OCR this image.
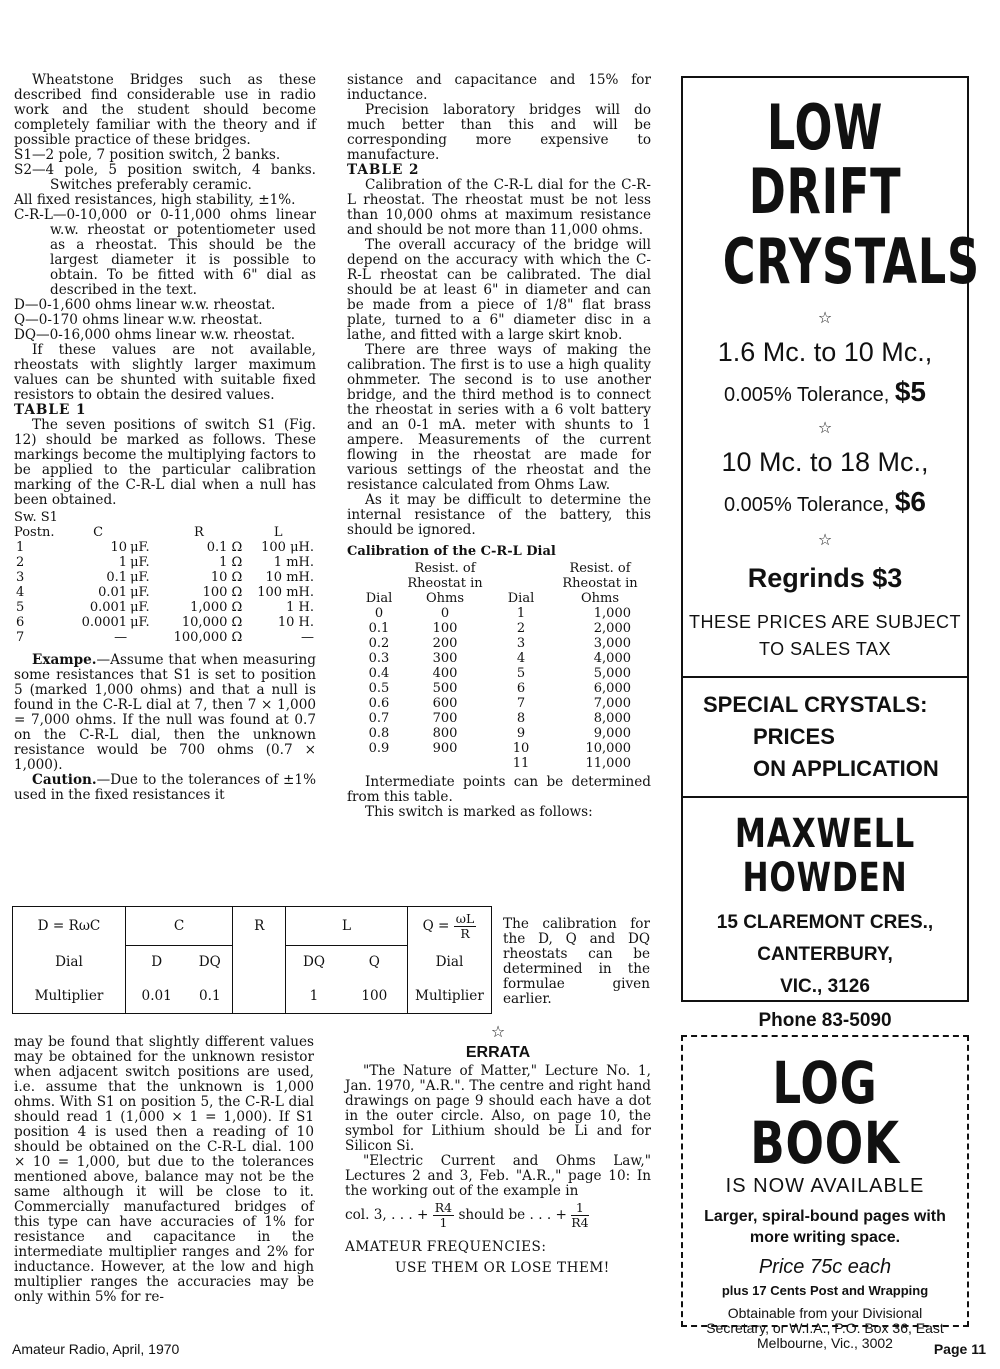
Wheatstone Bridges such as these described find considerable use in radio work and the student should become completely familiar with the theory and if possible practice of these bridges.

S1—2 pole, 7 position switch, 2 banks.

S2—4 pole, 5 position switch, 4 banks. Switches preferably ceramic.

All fixed resistances, high stability, ±1%.

C-R-L—0-10,000 or 0-11,000 ohms linear w.w. rheostat or potentiometer used as a rheostat. This should be the largest diameter it is possible to obtain. To be fitted with 6" dial as described in the text.

D—0-1,600 ohms linear w.w. rheostat.

Q—0-170 ohms linear w.w. rheostat.

DQ—0-16,000 ohms linear w.w. rheostat.

If these values are not available, rheostats with slightly larger maximum values can be shunted with suitable fixed resistors to obtain the desired values.

TABLE 1

The seven positions of switch S1 (Fig. 12) should be marked as follows. These markings become the multiplying factors to be applied to the particular calibration marking of the C-R-L dial when a null has been obtained.

Sw. S1				
Postn.	C		R	L
1	10	μF.	0.1 Ω	100 μH.
2	1	μF.	1 Ω	1 mH.
3	0.1	μF.	10 Ω	10 mH.
4	0.01	μF.	100 Ω	100 mH.
5	0.001	μF.	1,000 Ω	1 H.
6	0.0001	μF.	10,000 Ω	10 H.
7	—		100,000 Ω	—

Exampe.—Assume that when measuring some resistances that S1 is set to position 5 (marked 1,000 ohms) and that a null is found in the C-R-L dial at 7, then 7 × 1,000 = 7,000 ohms. If the null was found at 0.7 on the C-R-L dial, then the unknown resistance would be 700 ohms (0.7 × 1,000).

Caution.—Due to the tolerances of ±1% used in the fixed resistances it

sistance and capacitance and 15% for inductance.

Precision laboratory bridges will do much better than this and will be corresponding more expensive to manufacture.

TABLE 2

Calibration of the C-R-L dial for the C-R-L rheostat. The rheostat must be not less than 10,000 ohms at maximum resistance and should be not more than 11,000 ohms.

The overall accuracy of the bridge will depend on the accuracy with which the C-R-L rheostat can be calibrated. The dial should be at least 6" in diameter and can be made from a piece of 1/8" flat brass plate, turned to a 6" diameter disc in a lathe, and fitted with a large skirt knob.

There are three ways of making the calibration. The first is to use a high quality ohmmeter. The second is to use another bridge, and the third method is to connect the rheostat in series with a 6 volt battery and an 0-1 mA. meter with shunts to 1 ampere. Measurements of the current flowing in the rheostat are made for various settings of the rheostat and the resistance calculated from Ohms Law.

As it may be difficult to determine the internal resistance of the battery, this should be ignored.

Calibration of the C-R-L Dial

Dial	Resist. of Rheostat in Ohms	Dial	Resist. of Rheostat in Ohms
0	0	1	1,000
0.1	100	2	2,000
0.2	200	3	3,000
0.3	300	4	4,000
0.4	400	5	5,000
0.5	500	6	6,000
0.6	600	7	7,000
0.7	700	8	8,000
0.8	800	9	9,000
0.9	900	10	10,000
		11	11,000

Intermediate points can be determined from this table.

This switch is marked as follows:

D = RωC	C		R	L		$Q = \frac{\omega L}{R}$

Dial	D	DQ		DQ	Q	Dial
Multiplier	0.01	0.1		1	100	Multiplier
The calibration for the D, Q and DQ rheostats can be determined in the formulae given earlier.
may be found that slightly different values may be obtained for the unknown resistor when adjacent switch positions are used, i.e. assume that the unknown is 1,000 ohms. With S1 on position 5, the C-R-L dial should read 1 (1,000 × 1 = 1,000). If S1 position 4 is used then a reading of 10 should be obtained on the C-R-L dial. 100 × 10 = 1,000, but due to the tolerances mentioned above, balance may not be the same although it will be close to it. Commercially manufactured bridges of this type can have accuracies of 1% for resistance and capacitance in the intermediate multiplier ranges and 2% for inductance. However, at the low and high multiplier ranges the accuracies may be only within 5% for re-
☆
ERRATA

"The Nature of Matter," Lecture No. 1, Jan. 1970, "A.R.". The centre and right hand drawings on page 9 should each have a dot in the outer circle. Also, on page 10, the symbol for Lithium should be Li and for Silicon Si.

"Electric Current and Ohms Law," Lectures 2 and 3, Feb. "A.R.," page 10: In the working out of the example in

col. 3, . . . + $\frac{R4}{1}$ should be . . . + $\frac{1}{R4}$
AMATEUR FREQUENCIES:
USE THEM OR LOSE THEM!
LOW DRIFT
CRYSTALS
☆
1.6 Mc. to 10 Mc.,
0.005% Tolerance, $5
☆
10 Mc. to 18 Mc.,
0.005% Tolerance, $6
☆
Regrinds $3
THESE PRICES ARE SUBJECT
TO SALES TAX
SPECIAL CRYSTALS:
PRICES
ON APPLICATION
MAXWELL HOWDEN
15 CLAREMONT CRES.,
CANTERBURY,
VIC., 3126
Phone 83-5090
LOG BOOK
IS NOW AVAILABLE
Larger, spiral-bound pages with more writing space.
Price 75c each
plus 17 Cents Post and Wrapping
Obtainable from your Divisional Secretary, or W.I.A., P.O. Box 36, East Melbourne, Vic., 3002
Amateur Radio, April, 1970	Page 11
